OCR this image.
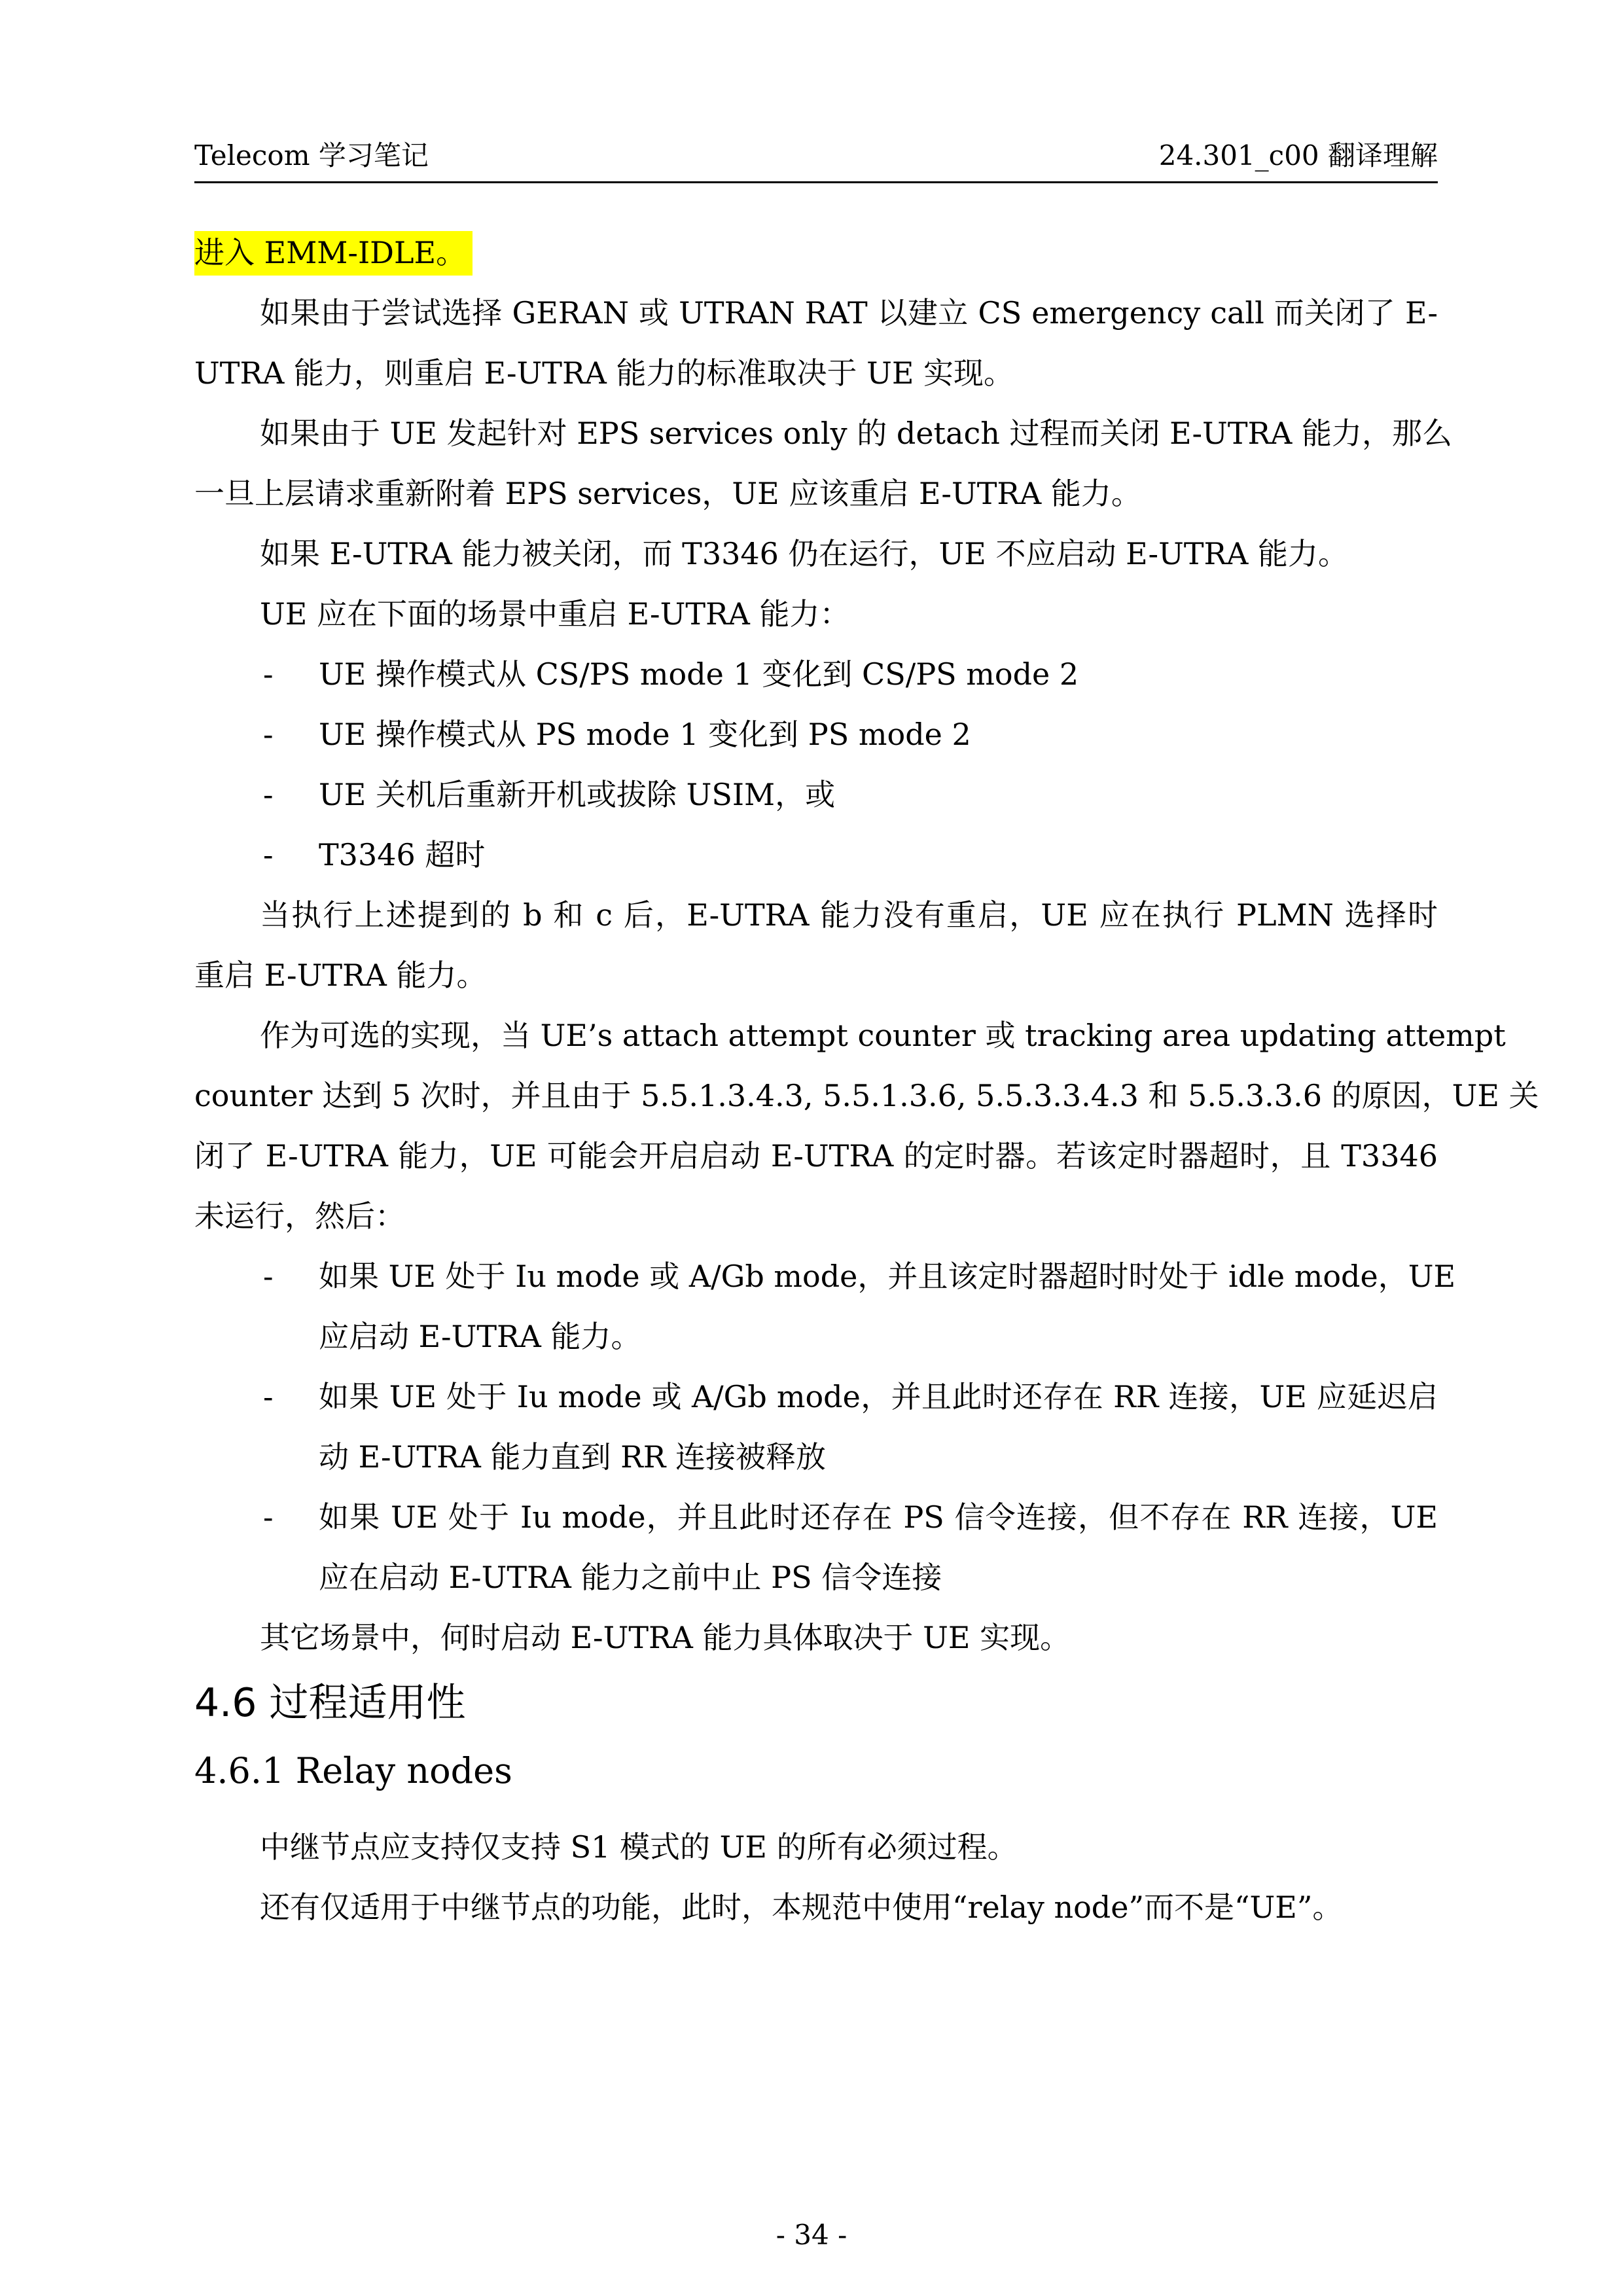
Telecom 学习笔记	24.301_c00 翻译理解
进入 EMM-IDLE。
如果由于尝试选择 GERAN 或 UTRAN RAT 以建立 CS emergency call 而关闭了 E-
UTRA 能力，则重启 E-UTRA 能力的标准取决于 UE 实现。
如果由于 UE 发起针对 EPS services only 的 detach 过程而关闭 E-UTRA 能力，那么
一旦上层请求重新附着 EPS services，UE 应该重启 E-UTRA 能力。
如果 E-UTRA 能力被关闭，而 T3346 仍在运行，UE 不应启动 E-UTRA 能力。
UE 应在下面的场景中重启 E-UTRA 能力：
- UE 操作模式从 CS/PS mode 1 变化到 CS/PS mode 2
- UE 操作模式从 PS mode 1 变化到 PS mode 2
- UE 关机后重新开机或拔除 USIM，或
- T3346 超时
当执行上述提到的 b 和 c 后，E-UTRA 能力没有重启，UE 应在执行 PLMN 选择时
重启 E-UTRA 能力。
作为可选的实现，当 UE’s attach attempt counter 或 tracking area updating attempt
counter 达到 5 次时，并且由于 5.5.1.3.4.3, 5.5.1.3.6, 5.5.3.3.4.3 和 5.5.3.3.6 的原因，UE 关
闭了 E-UTRA 能力，UE 可能会开启启动 E-UTRA 的定时器。若该定时器超时，且 T3346
未运行，然后：
- 如果 UE 处于 Iu mode 或 A/Gb mode，并且该定时器超时时处于 idle mode，UE
应启动 E-UTRA 能力。
- 如果 UE 处于 Iu mode 或 A/Gb mode，并且此时还存在 RR 连接，UE 应延迟启
动 E-UTRA 能力直到 RR 连接被释放
- 如果 UE 处于 Iu mode，并且此时还存在 PS 信令连接，但不存在 RR 连接，UE
应在启动 E-UTRA 能力之前中止 PS 信令连接
其它场景中，何时启动 E-UTRA 能力具体取决于 UE 实现。
4.6 过程适用性
4.6.1 Relay nodes
中继节点应支持仅支持 S1 模式的 UE 的所有必须过程。
还有仅适用于中继节点的功能，此时，本规范中使用“relay node”而不是“UE”。
- 34 -
